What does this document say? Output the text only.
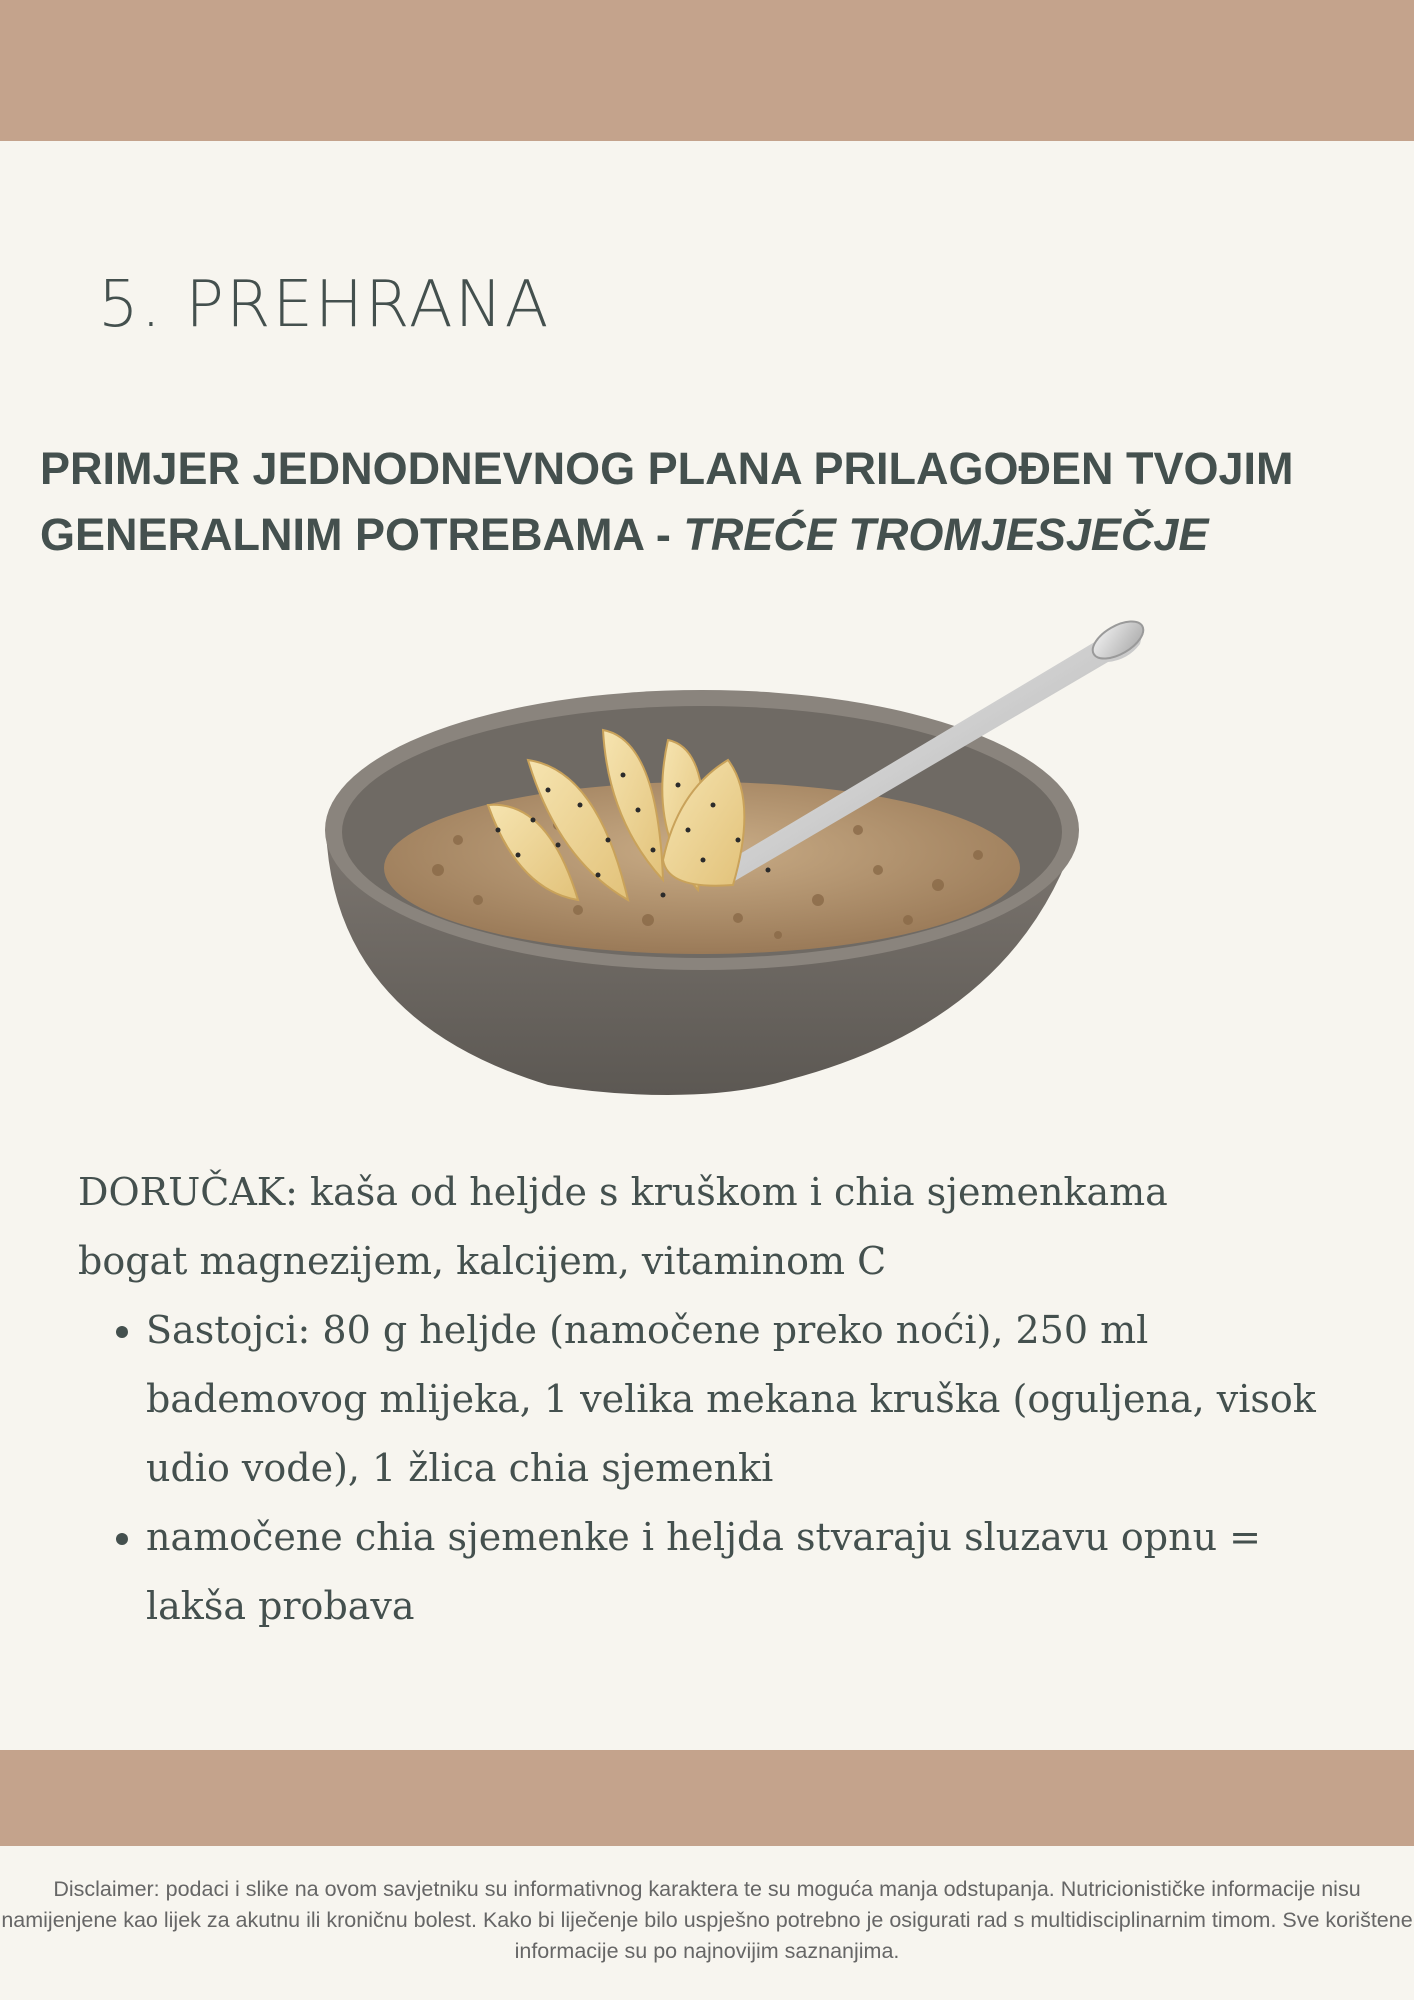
5. PREHRANA
PRIMJER JEDNODNEVNOG PLANA PRILAGOĐEN TVOJIM GENERALNIM POTREBAMA - TREĆE TROMJESJEČJE

DORUČAK: kaša od heljde s kruškom i chia sjemenkama

bogat magnezijem, kalcijem, vitaminom C

• Sastojci: 80 g heljde (namočene preko noći), 250 ml bademovog mlijeka, 1 velika mekana kruška (oguljena, visok udio vode), 1 žlica chia sjemenki
• namočene chia sjemenke i heljda stvaraju sluzavu opnu = lakša probava
Disclaimer: podaci i slike na ovom savjetniku su informativnog karaktera te su moguća manja odstupanja. Nutricionističke informacije nisu namijenjene kao lijek za akutnu ili kroničnu bolest. Kako bi liječenje bilo uspješno potrebno je osigurati rad s multidisciplinarnim timom. Sve korištene informacije su po najnovijim saznanjima.
